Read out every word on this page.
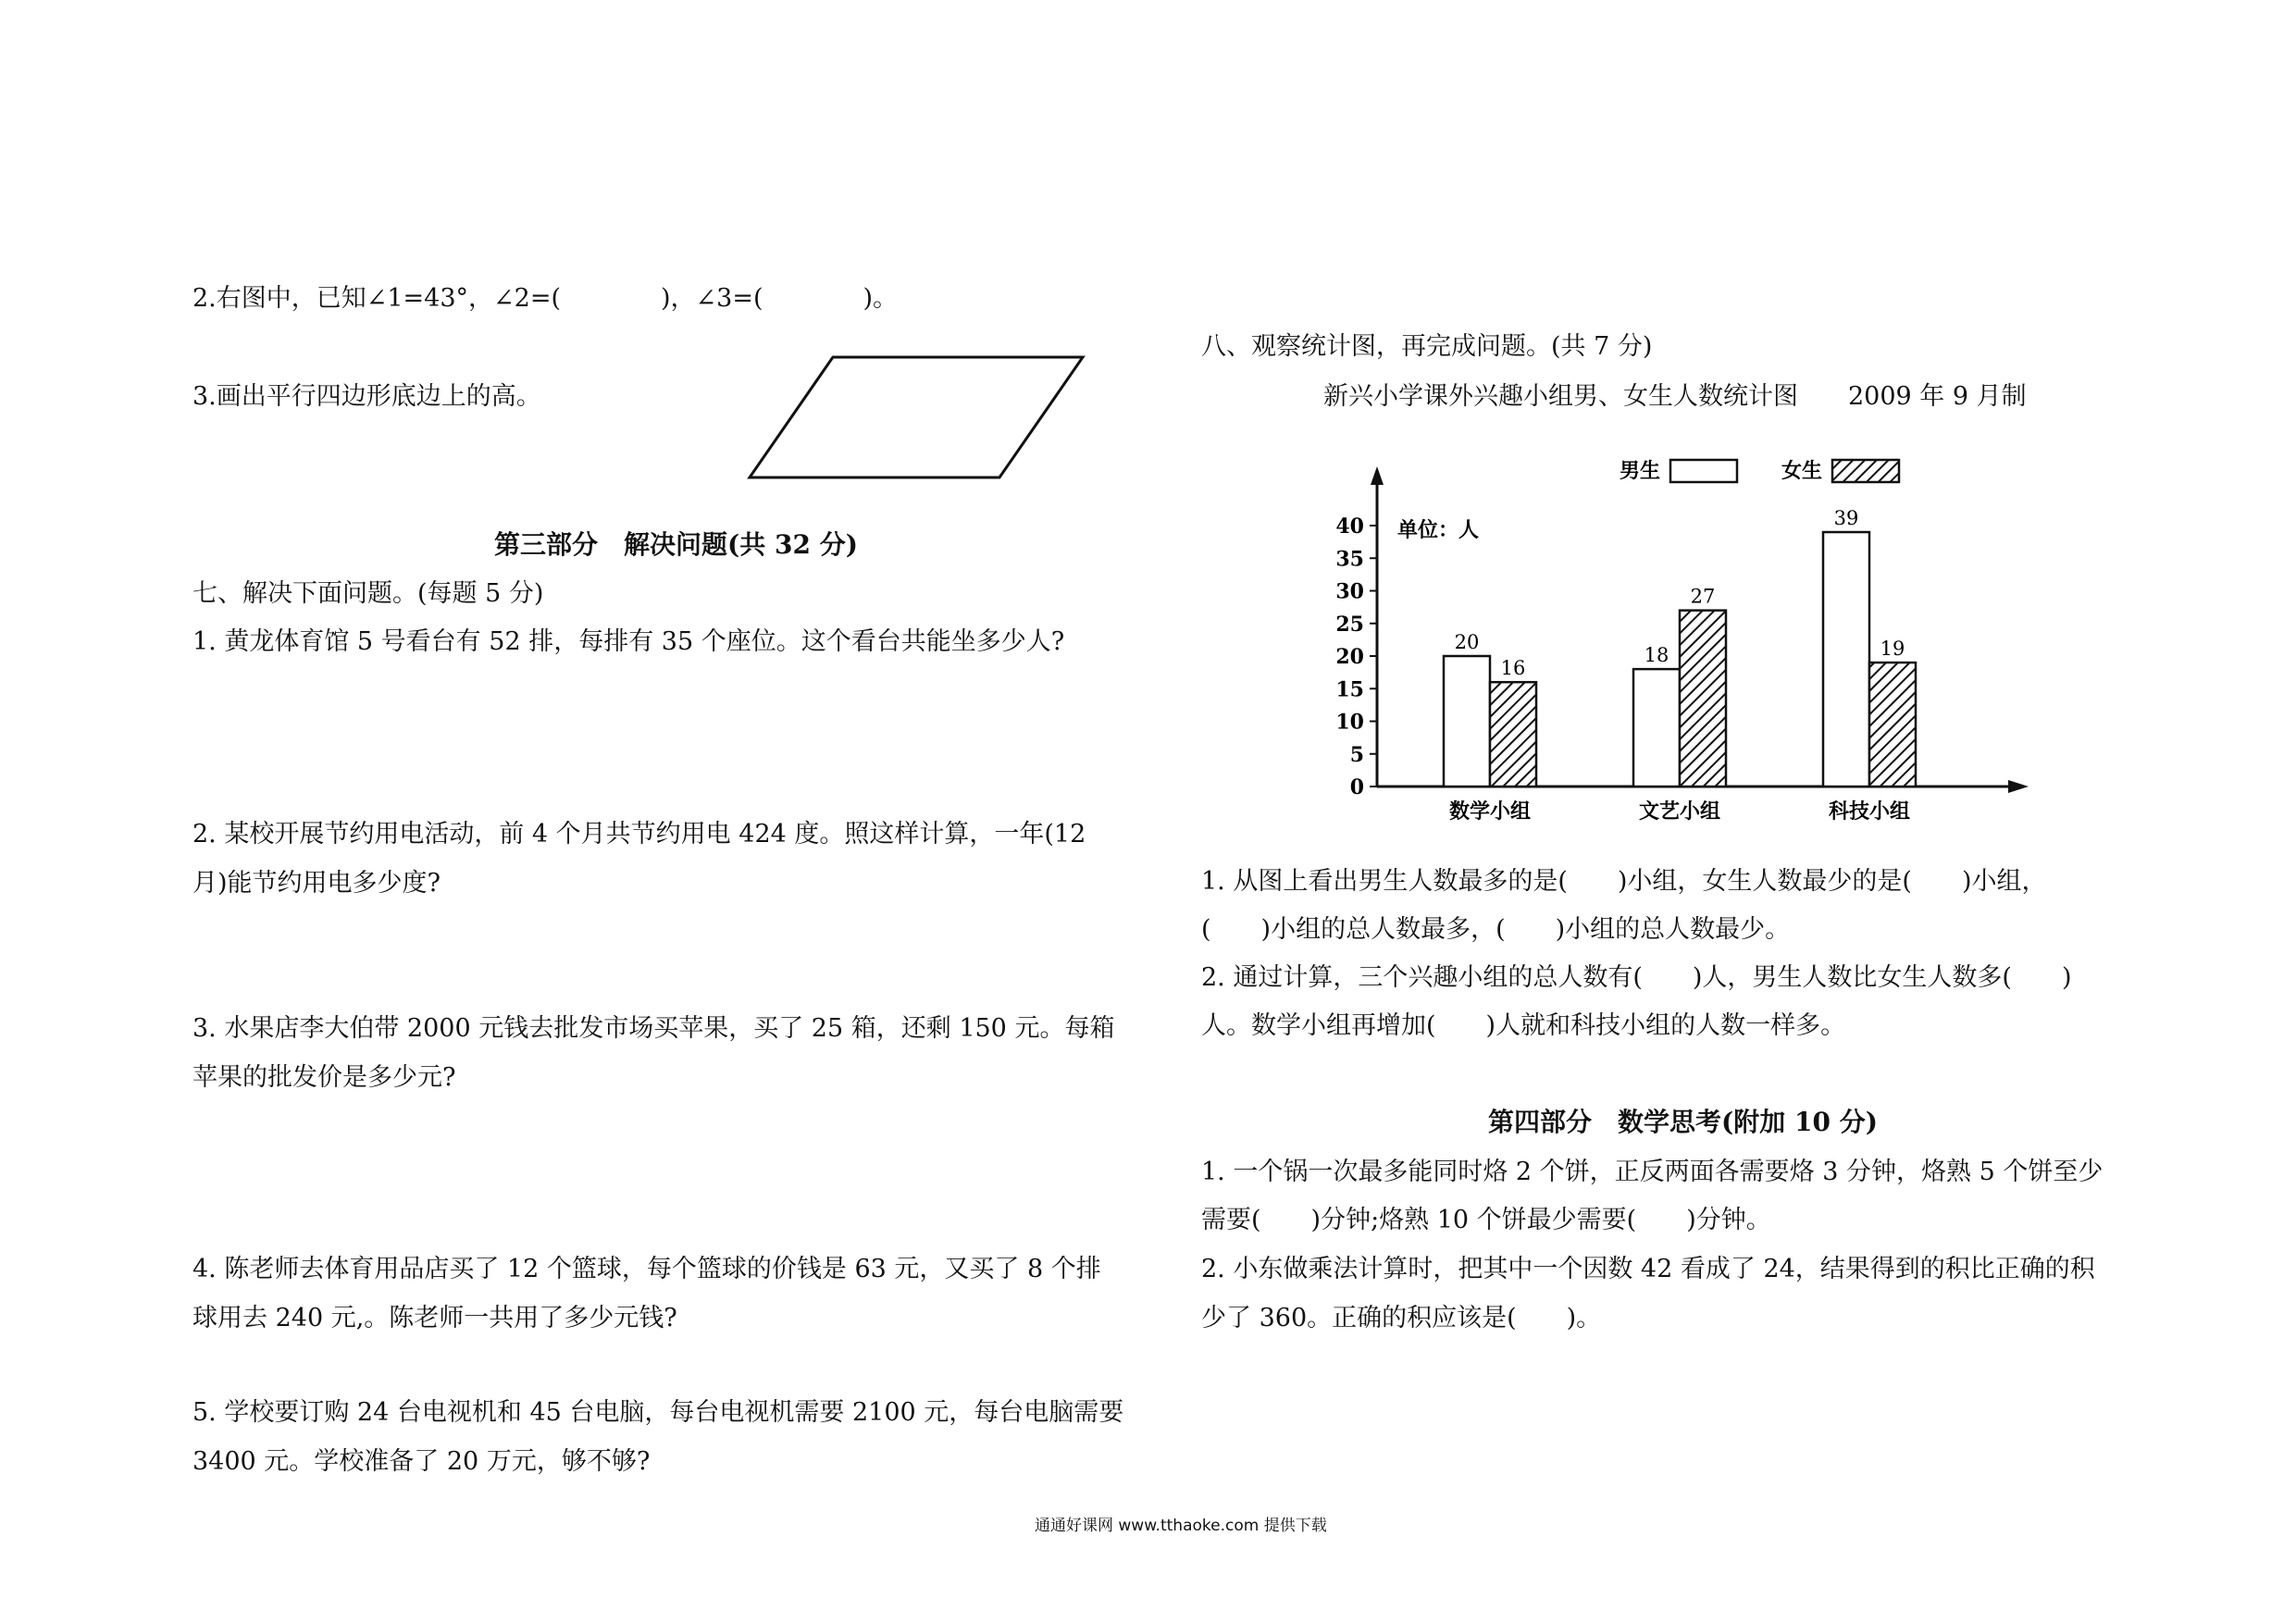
2.右图中，已知∠1=43°，∠2=(　　　　)，∠3=(　　　　)。
3.画出平行四边形底边上的高。
第三部分　解决问题(共 32 分)
七、解决下面问题。(每题 5 分)
1. 黄龙体育馆 5 号看台有 52 排，每排有 35 个座位。这个看台共能坐多少人?
2. 某校开展节约用电活动，前 4 个月共节约用电 424 度。照这样计算，一年(12
月)能节约用电多少度?
3. 水果店李大伯带 2000 元钱去批发市场买苹果，买了 25 箱，还剩 150 元。每箱
苹果的批发价是多少元?
4. 陈老师去体育用品店买了 12 个篮球，每个篮球的价钱是 63 元，又买了 8 个排
球用去 240 元,。陈老师一共用了多少元钱?
5. 学校要订购 24 台电视机和 45 台电脑，每台电视机需要 2100 元，每台电脑需要
3400 元。学校准备了 20 万元，够不够?
八、观察统计图，再完成问题。(共 7 分)
新兴小学课外兴趣小组男、女生人数统计图　　2009 年 9 月制
0
5
10
15
20
25
30
35
40 单位：人
男生	女生
20
16
数学小组
18
27
文艺小组
39
19
科技小组
1. 从图上看出男生人数最多的是(　　)小组，女生人数最少的是(　　)小组，
(　　)小组的总人数最多，(　　)小组的总人数最少。
2. 通过计算，三个兴趣小组的总人数有(　　)人，男生人数比女生人数多(　　)
人。数学小组再增加(　　)人就和科技小组的人数一样多。
第四部分　数学思考(附加 10 分)
1. 一个锅一次最多能同时烙 2 个饼，正反两面各需要烙 3 分钟，烙熟 5 个饼至少
需要(　　)分钟;烙熟 10 个饼最少需要(　　)分钟。
2. 小东做乘法计算时，把其中一个因数 42 看成了 24，结果得到的积比正确的积
少了 360。正确的积应该是(　　)。
通通好课网 www.tthaoke.com 提供下载
